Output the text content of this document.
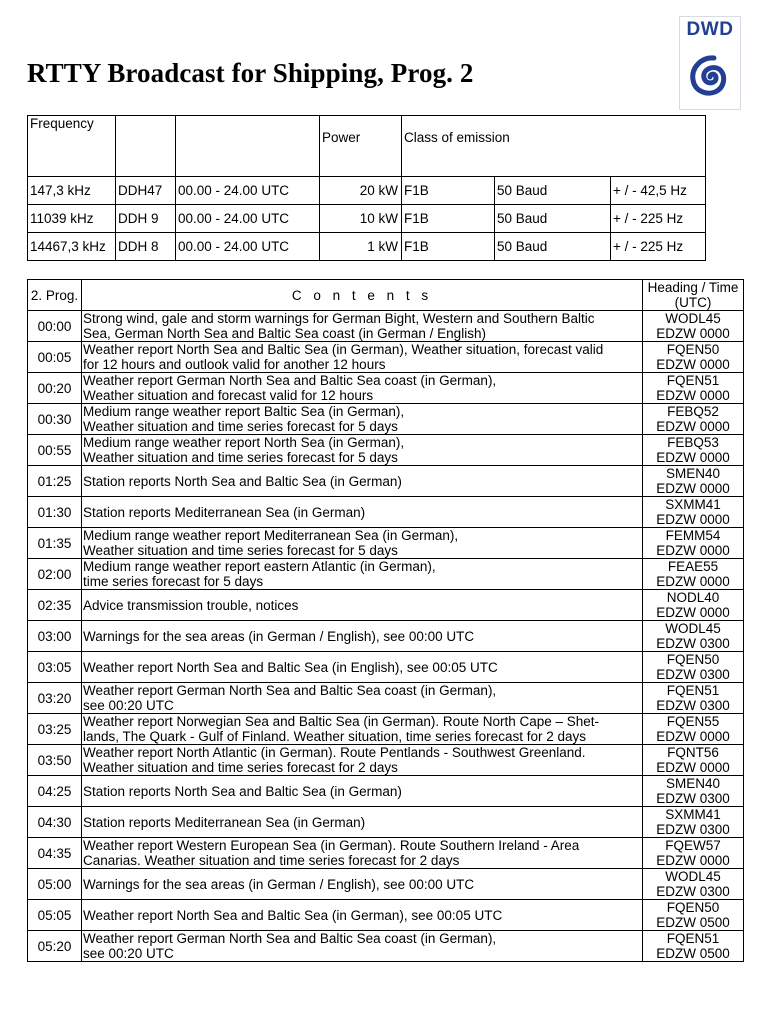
RTTY Broadcast for Shipping, Prog. 2
DWD
Frequency			Power	Class of emission		
147,3 kHz	DDH47	00.00 - 24.00 UTC	20 kW	F1B	50 Baud	+ / - 42,5 Hz
11039 kHz	DDH 9	00.00 - 24.00 UTC	10 kW	F1B	50 Baud	+ / - 225 Hz
14467,3 kHz	DDH 8	00.00 - 24.00 UTC	1 kW	F1B	50 Baud	+ / - 225 Hz
2. Prog.	C o n t e n t s	Heading / Time
(UTC)

00:00	Strong wind, gale and storm warnings for German Bight, Western and Southern Baltic
Sea, German North Sea and Baltic Sea coast (in German / English)	WODL45
EDZW 0000

00:05	Weather report North Sea and Baltic Sea (in German), Weather situation, forecast valid
for 12 hours and outlook valid for another 12 hours	FQEN50
EDZW 0000

00:20	Weather report German North Sea and Baltic Sea coast (in German),
Weather situation and forecast valid for 12 hours	FQEN51
EDZW 0000

00:30	Medium range weather report Baltic Sea (in German),
Weather situation and time series forecast for 5 days	FEBQ52
EDZW 0000

00:55	Medium range weather report North Sea (in German),
Weather situation and time series forecast for 5 days	FEBQ53
EDZW 0000

01:25	Station reports North Sea and Baltic Sea (in German)	SMEN40
EDZW 0000

01:30	Station reports Mediterranean Sea (in German)	SXMM41
EDZW 0000

01:35	Medium range weather report Mediterranean Sea (in German),
Weather situation and time series forecast for 5 days	FEMM54
EDZW 0000

02:00	Medium range weather report eastern Atlantic (in German),
time series forecast for 5 days	FEAE55
EDZW 0000

02:35	Advice transmission trouble, notices	NODL40
EDZW 0000

03:00	Warnings for the sea areas (in German / English), see 00:00 UTC	WODL45
EDZW 0300

03:05	Weather report North Sea and Baltic Sea (in English), see 00:05 UTC	FQEN50
EDZW 0300

03:20	Weather report German North Sea and Baltic Sea coast (in German),
see 00:20 UTC	FQEN51
EDZW 0300

03:25	Weather report Norwegian Sea and Baltic Sea (in German). Route North Cape – Shet-
lands, The Quark - Gulf of Finland. Weather situation, time series forecast for 2 days	FQEN55
EDZW 0000

03:50	Weather report North Atlantic (in German). Route Pentlands - Southwest Greenland.
Weather situation and time series forecast for 2 days	FQNT56
EDZW 0000

04:25	Station reports North Sea and Baltic Sea (in German)	SMEN40
EDZW 0300

04:30	Station reports Mediterranean Sea (in German)	SXMM41
EDZW 0300

04:35	Weather report Western European Sea (in German). Route Southern Ireland - Area
Canarias. Weather situation and time series forecast for 2 days	FQEW57
EDZW 0000

05:00	Warnings for the sea areas (in German / English), see 00:00 UTC	WODL45
EDZW 0300

05:05	Weather report North Sea and Baltic Sea (in German), see 00:05 UTC	FQEN50
EDZW 0500

05:20	Weather report German North Sea and Baltic Sea coast (in German),
see 00:20 UTC	FQEN51
EDZW 0500
